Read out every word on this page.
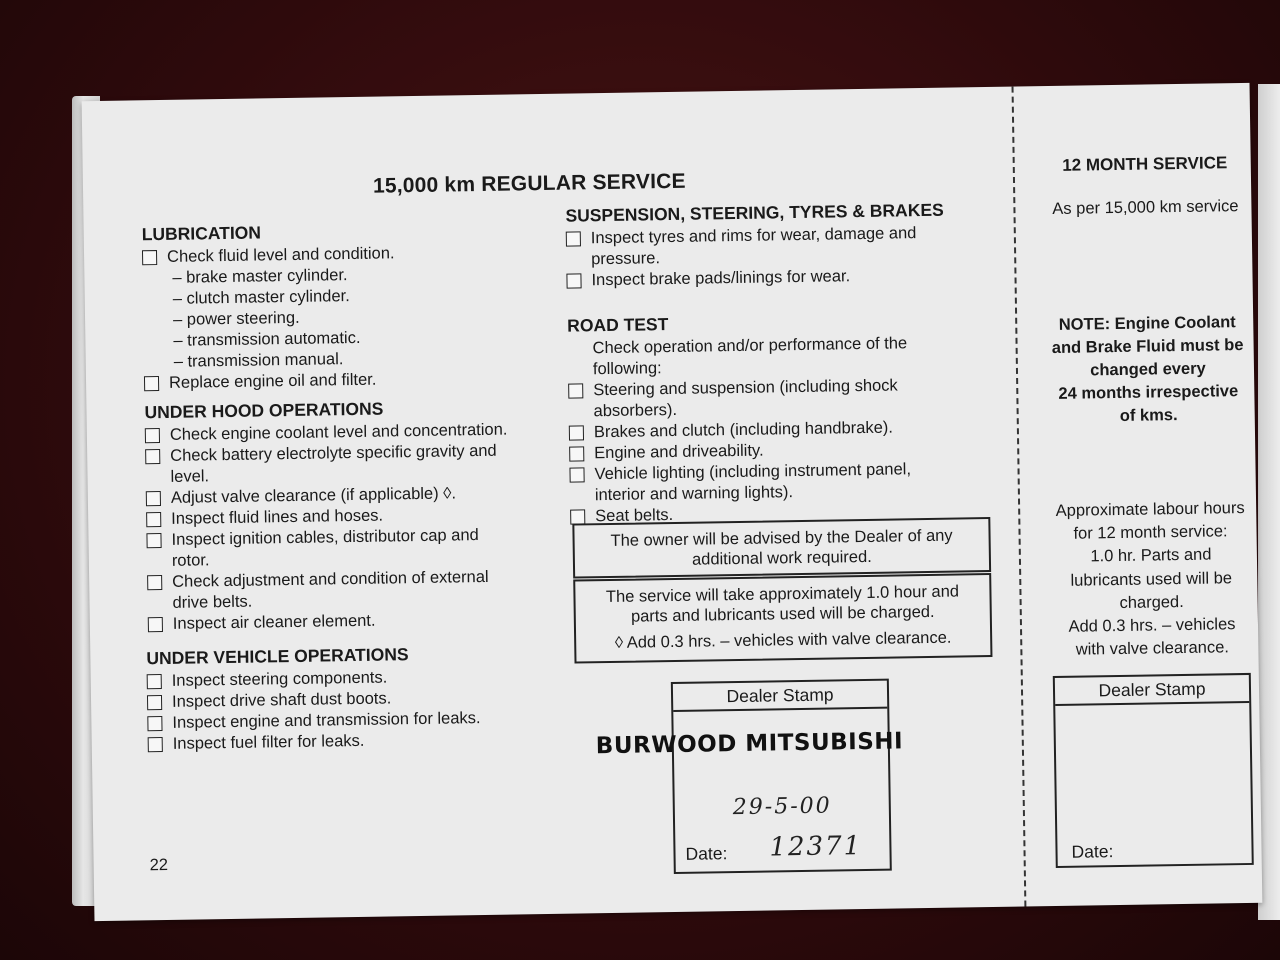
15,000 km REGULAR SERVICE
LUBRICATION
Check fluid level and condition.
– brake master cylinder.
– clutch master cylinder.
– power steering.
– transmission automatic.
– transmission manual.
Replace engine oil and filter.
UNDER HOOD OPERATIONS
Check engine coolant level and concentration.
Check battery electrolyte specific gravity and
level.
Adjust valve clearance (if applicable) ◊.
Inspect fluid lines and hoses.
Inspect ignition cables, distributor cap and
rotor.
Check adjustment and condition of external
drive belts.
Inspect air cleaner element.
UNDER VEHICLE OPERATIONS
Inspect steering components.
Inspect drive shaft dust boots.
Inspect engine and transmission for leaks.
Inspect fuel filter for leaks.
22
SUSPENSION, STEERING, TYRES & BRAKES
Inspect tyres and rims for wear, damage and
pressure.
Inspect brake pads/linings for wear.
ROAD TEST
Check operation and/or performance of the
following:
Steering and suspension (including shock
absorbers).
Brakes and clutch (including handbrake).
Engine and driveability.
Vehicle lighting (including instrument panel,
interior and warning lights).
Seat belts.
The owner will be advised by the Dealer of any
additional work required.
The service will take approximately 1.0 hour and
parts and lubricants used will be charged.
◊ Add 0.3 hrs. – vehicles with valve clearance.
Dealer Stamp
BURWOOD MITSUBISHI
29-5-00
Date: 12371
12 MONTH SERVICE
As per 15,000 km service
NOTE: Engine Coolant
and Brake Fluid must be
changed every
24 months irrespective
of kms.
Approximate labour hours
for 12 month service:
1.0 hr. Parts and
lubricants used will be
charged.
Add 0.3 hrs. – vehicles
with valve clearance.
Dealer Stamp
Date:
